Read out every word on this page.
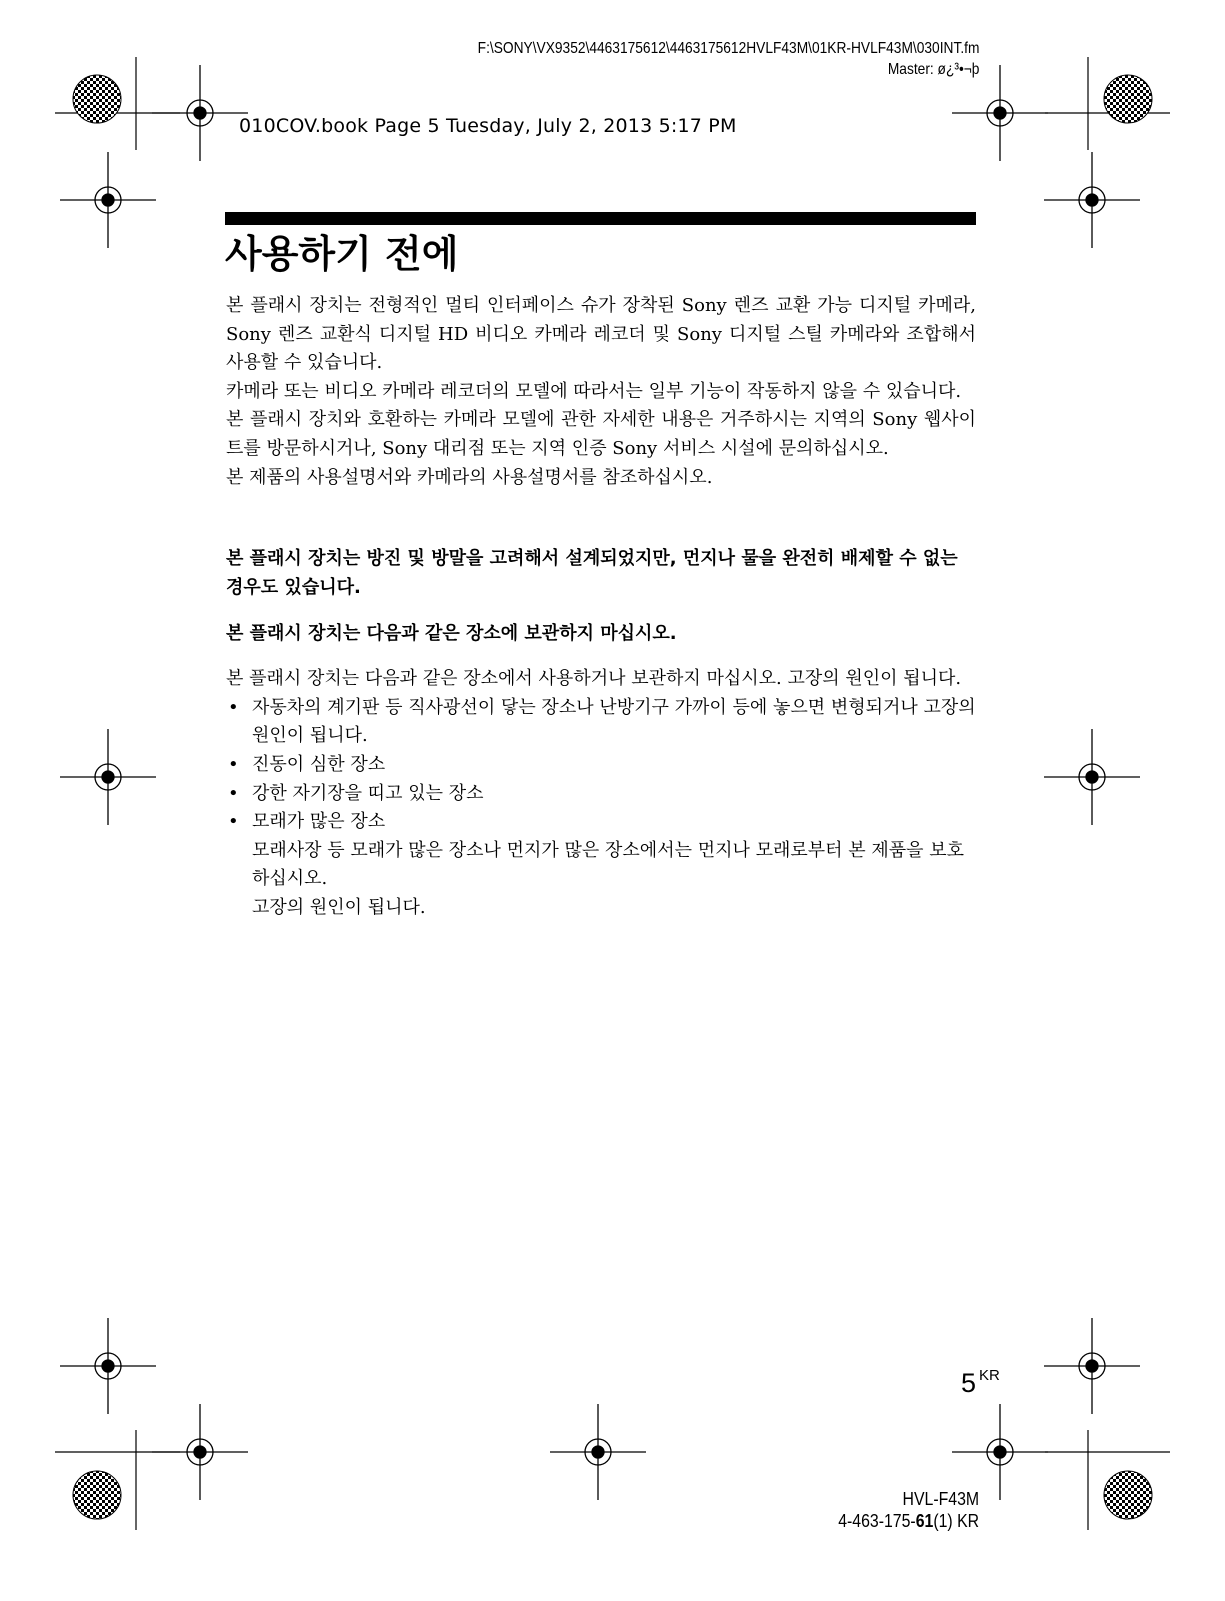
F:\SONY\VX9352\4463175612\4463175612HVLF43M\01KR-HVLF43M\030INT.fm
Master: ø¿³•¬þ
010COV.book Page 5 Tuesday, July 2, 2013 5:17 PM
사용하기 전에

본 플래시 장치는 전형적인 멀티 인터페이스 슈가 장착된 Sony 렌즈 교환 가능 디지털 카메라, Sony 렌즈 교환식 디지털 HD 비디오 카메라 레코더 및 Sony 디지털 스틸 카메라와 조합해서 사용할 수 있습니다.

카메라 또는 비디오 카메라 레코더의 모델에 따라서는 일부 기능이 작동하지 않을 수 있습니다.

본 플래시 장치와 호환하는 카메라 모델에 관한 자세한 내용은 거주하시는 지역의 Sony 웹사이트를 방문하시거나, Sony 대리점 또는 지역 인증 Sony 서비스 시설에 문의하십시오.

본 제품의 사용설명서와 카메라의 사용설명서를 참조하십시오.

본 플래시 장치는 방진 및 방말을 고려해서 설계되었지만, 먼지나 물을 완전히 배제할 수 없는 경우도 있습니다.

본 플래시 장치는 다음과 같은 장소에 보관하지 마십시오.

본 플래시 장치는 다음과 같은 장소에서 사용하거나 보관하지 마십시오. 고장의 원인이 됩니다.

• 자동차의 계기판 등 직사광선이 닿는 장소나 난방기구 가까이 등에 놓으면 변형되거나 고장의 원인이 됩니다.
• 진동이 심한 장소
• 강한 자기장을 띠고 있는 장소
• 모래가 많은 장소
모래사장 등 모래가 많은 장소나 먼지가 많은 장소에서는 먼지나 모래로부터 본 제품을 보호하십시오.
고장의 원인이 됩니다.
5 $^{KR}$
HVL-F43M
4-463-175-61(1) KR
